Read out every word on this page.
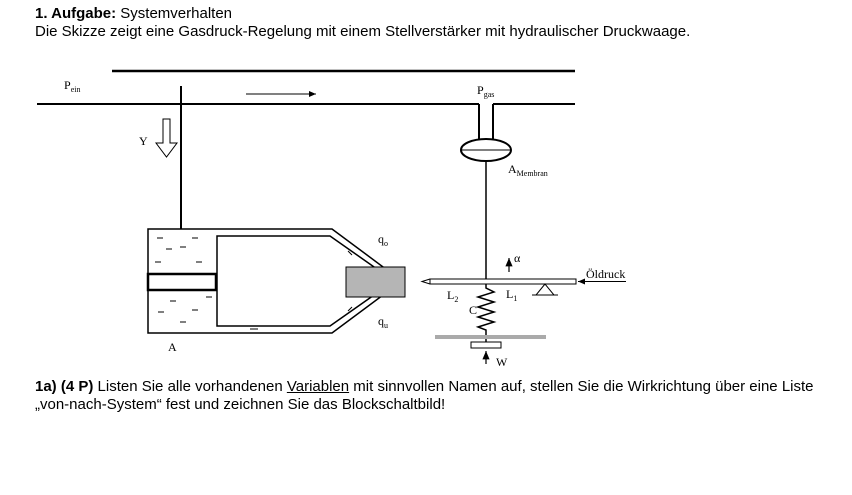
1. Aufgabe: Systemverhalten
Die Skizze zeigt eine Gasdruck-Regelung mit einem Stellverstärker mit hydraulischer Druckwaage.
$P_{ein}$	$P_{gas}$
Y
$A_{Membran}$
$q_o$
$q_u$
α
Öldruck
$L_2$	$L_1$
C
A
W
1a) (4 P) Listen Sie alle vorhandenen Variablen mit sinnvollen Namen auf, stellen Sie die Wirkrichtung über eine Liste „von-nach-System“ fest und zeichnen Sie das Blockschaltbild!
